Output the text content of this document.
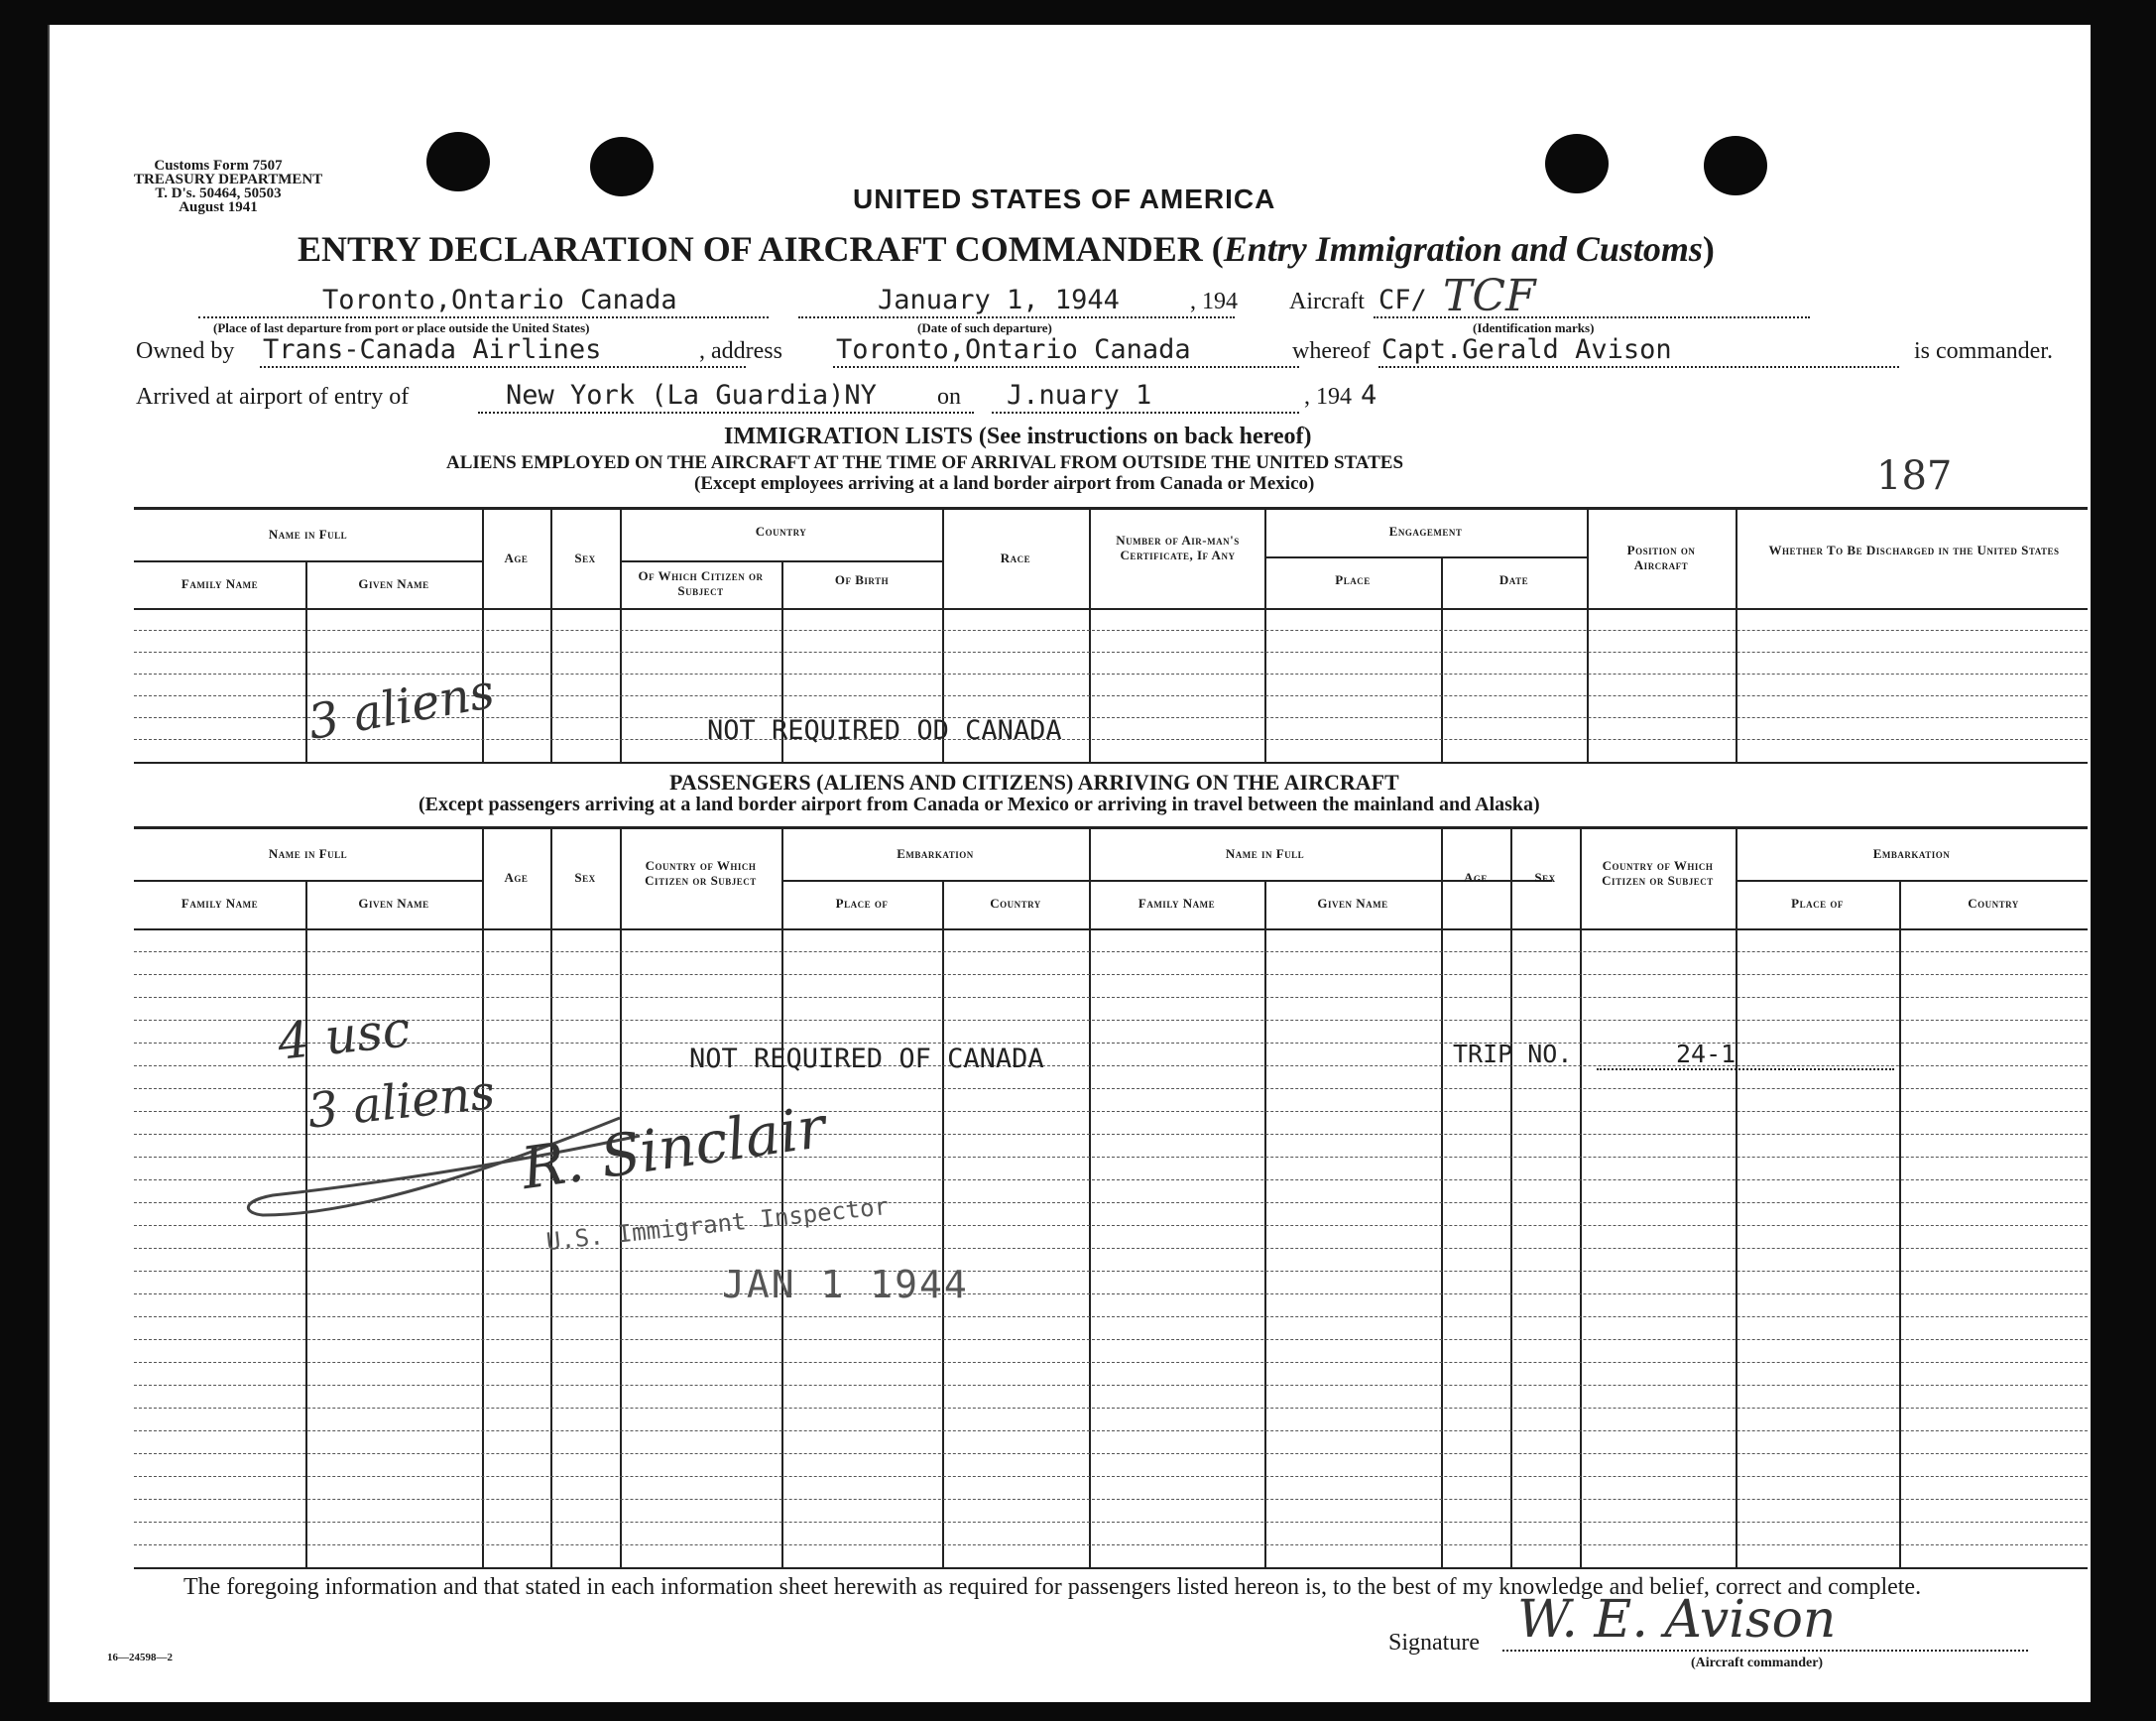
Customs Form 7507
TREASURY DEPARTMENT
T. D's. 50464, 50503
August 1941	UNITED STATES OF AMERICA
ENTRY DECLARATION OF AIRCRAFT COMMANDER (Entry Immigration and Customs)
Toronto,Ontario Canada
(Place of last departure from port or place outside the United States)
January 1, 1944
(Date of such departure)
, 194 Aircraft CF/ TCF
(Identification marks)
Owned by Trans-Canada Airlines	, address Toronto,Ontario Canada	whereof Capt.Gerald Avison	is commander.
Arrived at airport of entry of	New York (La Guardia)NY	on J.nuary 1	, 194 4
IMMIGRATION LISTS (See instructions on back hereof)
ALIENS EMPLOYED ON THE AIRCRAFT AT THE TIME OF ARRIVAL FROM OUTSIDE THE UNITED STATES
(Except employees arriving at a land border airport from Canada or Mexico)	187
Name in Full
Family Name	Given Name
Age	Sex
Country
Of Which Citizen or Subject
Of Birth
Race
Number of Air-man's Certificate, If Any
Engagement
Place	Date
Position on Aircraft
Whether To Be Discharged in the United States
3 aliens	NOT REQUIRED OD CANADA
PASSENGERS (ALIENS AND CITIZENS) ARRIVING ON THE AIRCRAFT
(Except passengers arriving at a land border airport from Canada or Mexico or arriving in travel between the mainland and Alaska)
Name in Full
Family Name	Given Name
Age	Sex
Country of Which Citizen or Subject
Embarkation
Place of	Country
Name in Full
Family Name	Given Name
Age	Sex
Country of Which Citizen or Subject
Embarkation
Place of	Country
4 usc
3 aliens
NOT REQUIRED OF CANADA	TRIP NO.	24-1
R. Sinclair
U.S. Immigrant Inspector
JAN 1 1944
The foregoing information and that stated in each information sheet herewith as required for passengers listed hereon is, to the best of my knowledge and belief, correct and complete.
16—24598—2
Signature W. E. Avison
(Aircraft commander)
